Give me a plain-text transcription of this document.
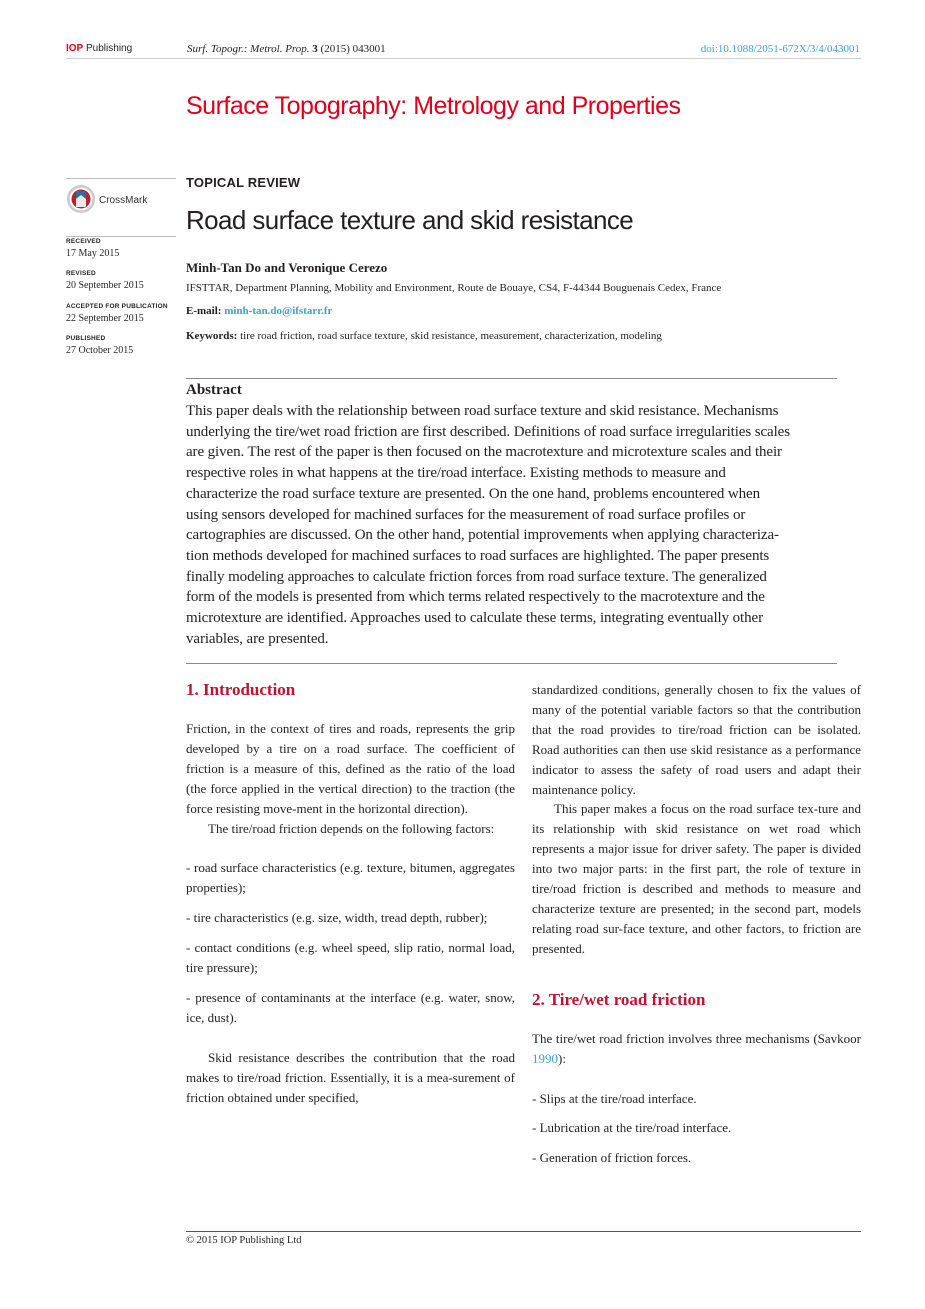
IOP Publishing	Surf. Topogr.: Metrol. Prop. 3 (2015) 043001	doi:10.1088/2051-672X/3/4/043001
Surface Topography: Metrology and Properties
CrossMark
RECEIVED
17 May 2015
REVISED
20 September 2015
ACCEPTED FOR PUBLICATION
22 September 2015
PUBLISHED
27 October 2015
TOPICAL REVIEW
Road surface texture and skid resistance
Minh-Tan Do and Veronique Cerezo
IFSTTAR, Department Planning, Mobility and Environment, Route de Bouaye, CS4, F-44344 Bouguenais Cedex, France
E-mail: minh-tan.do@ifstarr.fr
Keywords: tire road friction, road surface texture, skid resistance, measurement, characterization, modeling
Abstract
This paper deals with the relationship between road surface texture and skid resistance. Mechanisms
underlying the tire/wet road friction are first described. Definitions of road surface irregularities scales
are given. The rest of the paper is then focused on the macrotexture and microtexture scales and their
respective roles in what happens at the tire/road interface. Existing methods to measure and
characterize the road surface texture are presented. On the one hand, problems encountered when
using sensors developed for machined surfaces for the measurement of road surface profiles or
cartographies are discussed. On the other hand, potential improvements when applying characteriza-
tion methods developed for machined surfaces to road surfaces are highlighted. The paper presents
finally modeling approaches to calculate friction forces from road surface texture. The generalized
form of the models is presented from which terms related respectively to the macrotexture and the
microtexture are identified. Approaches used to calculate these terms, integrating eventually other
variables, are presented.
1. Introduction

Friction, in the context of tires and roads, represents the grip developed by a tire on a road surface. The coefficient of friction is a measure of this, defined as the ratio of the load (the force applied in the vertical direction) to the traction (the force resisting move-ment in the horizontal direction).

The tire/road friction depends on the following factors:

- road surface characteristics (e.g. texture, bitumen, aggregates properties);

- tire characteristics (e.g. size, width, tread depth, rubber);

- contact conditions (e.g. wheel speed, slip ratio, normal load, tire pressure);

- presence of contaminants at the interface (e.g. water, snow, ice, dust).

Skid resistance describes the contribution that the road makes to tire/road friction. Essentially, it is a mea-surement of friction obtained under specified,

standardized conditions, generally chosen to fix the values of many of the potential variable factors so that the contribution that the road provides to tire/road friction can be isolated. Road authorities can then use skid resistance as a performance indicator to assess the safety of road users and adapt their maintenance policy.

This paper makes a focus on the road surface tex-ture and its relationship with skid resistance on wet road which represents a major issue for driver safety. The paper is divided into two major parts: in the first part, the role of texture in tire/road friction is described and methods to measure and characterize texture are presented; in the second part, models relating road sur-face texture, and other factors, to friction are presented.

2. Tire/wet road friction

The tire/wet road friction involves three mechanisms (Savkoor 1990):

- Slips at the tire/road interface.

- Lubrication at the tire/road interface.

- Generation of friction forces.

© 2015 IOP Publishing Ltd
